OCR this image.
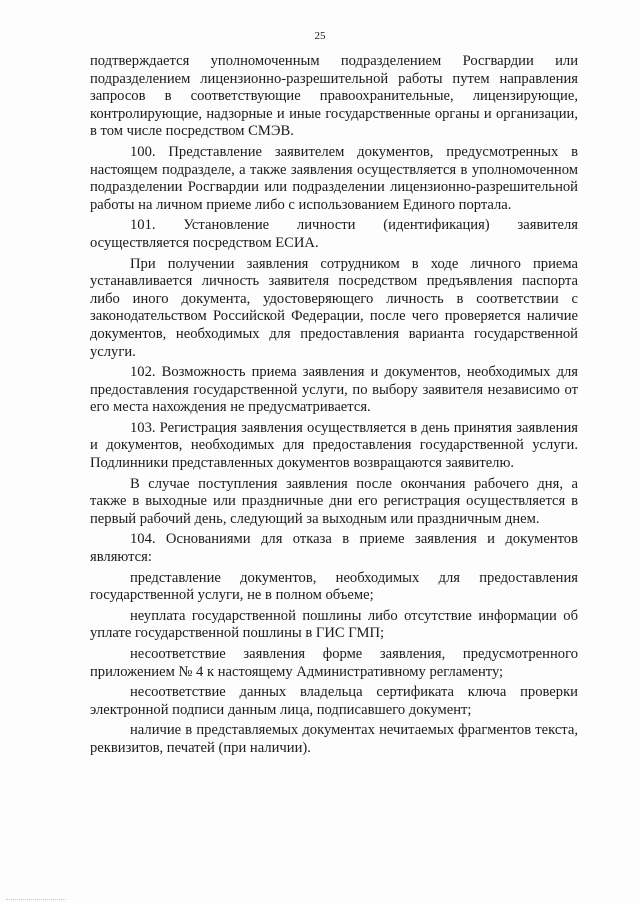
25

подтверждается уполномоченным подразделением Росгвардии или подразделением лицензионно-разрешительной работы путем направления запросов в соответствующие правоохранительные, лицензирующие, контролирующие, надзорные и иные государственные органы и организации, в том числе посредством СМЭВ.

100. Представление заявителем документов, предусмотренных в настоящем подразделе, а также заявления осуществляется в уполномоченном подразделении Росгвардии или подразделении лицензионно-разрешительной работы на личном приеме либо с использованием Единого портала.

101. Установление личности (идентификация) заявителя осуществляется посредством ЕСИА.

При получении заявления сотрудником в ходе личного приема устанавливается личность заявителя посредством предъявления паспорта либо иного документа, удостоверяющего личность в соответствии с законодательством Российской Федерации, после чего проверяется наличие документов, необходимых для предоставления варианта государственной услуги.

102. Возможность приема заявления и документов, необходимых для предоставления государственной услуги, по выбору заявителя независимо от его места нахождения не предусматривается.

103. Регистрация заявления осуществляется в день принятия заявления и документов, необходимых для предоставления государственной услуги. Подлинники представленных документов возвращаются заявителю.

В случае поступления заявления после окончания рабочего дня, а также в выходные или праздничные дни его регистрация осуществляется в первый рабочий день, следующий за выходным или праздничным днем.

104. Основаниями для отказа в приеме заявления и документов являются:

представление документов, необходимых для предоставления государственной услуги, не в полном объеме;

неуплата государственной пошлины либо отсутствие информации об уплате государственной пошлины в ГИС ГМП;

несоответствие заявления форме заявления, предусмотренного приложением № 4 к настоящему Административному регламенту;

несоответствие данных владельца сертификата ключа проверки электронной подписи данным лица, подписавшего документ;

наличие в представляемых документах нечитаемых фрагментов текста, реквизитов, печатей (при наличии).
